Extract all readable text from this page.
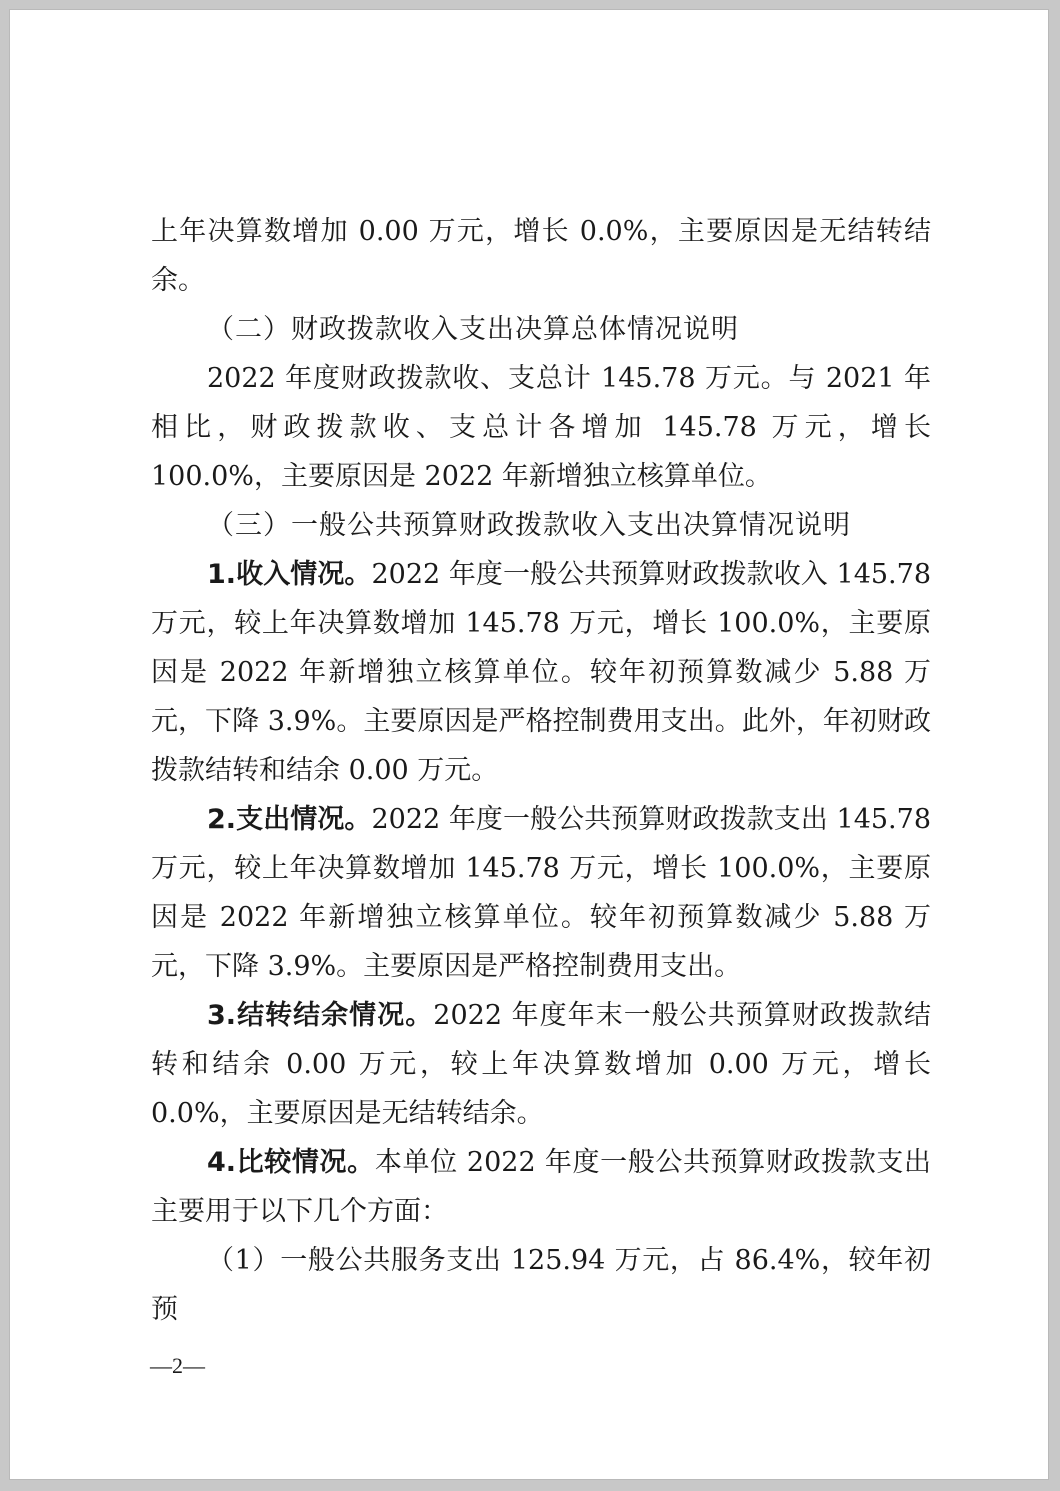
上年决算数增加 0.00 万元，增长 0.0%，主要原因是无结转结余。

（二）财政拨款收入支出决算总体情况说明

2022 年度财政拨款收、支总计 145.78 万元。与 2021 年相比，财政拨款收、支总计各增加 145.78 万元，增长 100.0%，主要原因是 2022 年新增独立核算单位。

（三）一般公共预算财政拨款收入支出决算情况说明

1.收入情况。2022 年度一般公共预算财政拨款收入 145.78 万元，较上年决算数增加 145.78 万元，增长 100.0%，主要原因是 2022 年新增独立核算单位。较年初预算数减少 5.88 万元，下降 3.9%。主要原因是严格控制费用支出。此外，年初财政拨款结转和结余 0.00 万元。

2.支出情况。2022 年度一般公共预算财政拨款支出 145.78 万元，较上年决算数增加 145.78 万元，增长 100.0%，主要原因是 2022 年新增独立核算单位。较年初预算数减少 5.88 万元，下降 3.9%。主要原因是严格控制费用支出。

3.结转结余情况。2022 年度年末一般公共预算财政拨款结转和结余 0.00 万元，较上年决算数增加 0.00 万元，增长 0.0%，主要原因是无结转结余。

4.比较情况。本单位 2022 年度一般公共预算财政拨款支出主要用于以下几个方面：

（1）一般公共服务支出 125.94 万元，占 86.4%，较年初预

—2—
